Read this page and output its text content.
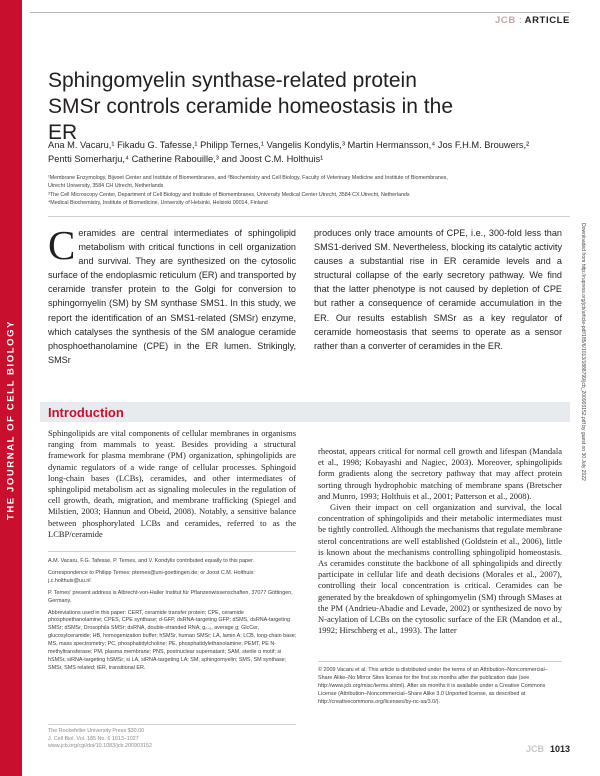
THE JOURNAL OF CELL BIOLOGY
JCB : ARTICLE
Sphingomyelin synthase-related protein SMSr controls ceramide homeostasis in the ER
Ana M. Vacaru,¹ Fikadu G. Tafesse,¹ Philipp Ternes,¹ Vangelis Kondylis,³ Martin Hermansson,⁴ Jos F.H.M. Brouwers,²
Pentti Somerharju,⁴ Catherine Rabouille,³ and Joost C.M. Holthuis¹
¹Membrane Enzymology, Bijvoet Center and Institute of Biomembranes, and ²Biochemistry and Cell Biology, Faculty of Veterinary Medicine and Institute of Biomembranes,
Utrecht University, 3584 CH Utrecht, Netherlands
³The Cell Microscopy Center, Department of Cell Biology and Institute of Biomembranes, University Medical Center Utrecht, 3584 CX Utrecht, Netherlands
⁴Medical Biochemistry, Institute of Biomedicine, University of Helsinki, Helsinki 00014, Finland
Downloaded from http://rupress.org/jcb/article-pdf/185/6/1013/1888799/jcb_200903152.pdf by guest on 30 July 2022
Ceramides are central intermediates of sphingolipid metabolism with critical functions in cell organization and survival. They are synthesized on the cytosolic surface of the endoplasmic reticulum (ER) and transported by ceramide transfer protein to the Golgi for conversion to sphingomyelin (SM) by SM synthase SMS1. In this study, we report the identification of an SMS1-related (SMSr) enzyme, which catalyses the synthesis of the SM analogue ceramide phosphoethanolamine (CPE) in the ER lumen. Strikingly, SMSr
produces only trace amounts of CPE, i.e., 300-fold less than SMS1-derived SM. Nevertheless, blocking its catalytic activity causes a substantial rise in ER ceramide levels and a structural collapse of the early secretory pathway. We find that the latter phenotype is not caused by depletion of CPE but rather a consequence of ceramide accumulation in the ER. Our results establish SMSr as a key regulator of ceramide homeostasis that seems to operate as a sensor rather than a converter of ceramides in the ER.
Introduction

Sphingolipids are vital components of cellular membranes in organisms ranging from mammals to yeast. Besides providing a structural framework for plasma membrane (PM) organization, sphingolipids are dynamic regulators of a wide range of cellular processes. Sphingoid long-chain bases (LCBs), ceramides, and other intermediates of sphingolipid metabolism act as signaling molecules in the regulation of cell growth, death, migration, and membrane trafficking (Spiegel and Milstien, 2003; Hannun and Obeid, 2008). Notably, a sensitive balance between phosphorylated LCBs and ceramides, referred to as the LCBP/ceramide

rheostat, appears critical for normal cell growth and lifespan (Mandala et al., 1998; Kobayashi and Nagiec, 2003). Moreover, sphingolipids form gradients along the secretory pathway that may affect protein sorting through hydrophobic matching of membrane spans (Bretscher and Munro, 1993; Holthuis et al., 2001; Patterson et al., 2008).

Given their impact on cell organization and survival, the local concentration of sphingolipids and their metabolic intermediates must be tightly controlled. Although the mechanisms that regulate membrane sterol concentrations are well established (Goldstein et al., 2006), little is known about the mechanisms controlling sphingolipid homeostasis. As ceramides constitute the backbone of all sphingolipids and directly participate in cellular life and death decisions (Morales et al., 2007), controlling their local concentration is critical. Ceramides can be generated by the breakdown of sphingomyelin (SM) through SMases at the PM (Andrieu-Abadie and Levade, 2002) or synthesized de novo by N-acylation of LCBs on the cytosolic surface of the ER (Mandon et al., 1992; Hirschberg et al., 1993). The latter

A.M. Vacaru, F.G. Tafesse, P. Ternes, and V. Kondylis contributed equally to this paper.

Correspondence to Philipp Ternes: pternes@uni-goettingen.de; or Joost C.M. Holthuis: j.c.holthuis@uu.nl

P. Ternes' present address is Albrecht-von-Haller Institut für Pflanzenwissenschaften, 37077 Göttingen, Germany.

Abbreviations used in this paper: CERT, ceramide transfer protein; CPE, ceramide phosphoethanolamine; CPES, CPE synthase; d-GFP, dsRNA-targeting GFP; dSMS, dsRNA-targeting SMSr; dSMSr, Drosophila SMSr; dsRNA, double-stranded RNA; g₀.₅, average g; GlcCer, glucosylceramide; HB, homogenization buffer; hSMSr, human SMSr; LA, lamin A; LCB, long-chain base; MS, mass spectrometry; PC, phosphatidylcholine; PE, phosphatidylethanolamine; PEMT, PE N-methyltransferase; PM, plasma membrane; PNS, postnuclear supernatant; SAM, sterile α motif; si hSMSr, siRNA-targeting hSMSr; si LA, siRNA-targeting LA; SM, sphingomyelin; SMS, SM synthase; SMSr, SMS related; tER, transitional ER.	© 2009 Vacaru et al. This article is distributed under the terms of an Attribution–Noncommercial–Share Alike–No Mirror Sites license for the first six months after the publication date (see http://www.jcb.org/misc/terms.shtml). After six months it is available under a Creative Commons License (Attribution–Noncommercial–Share Alike 3.0 Unported license, as described at http://creativecommons.org/licenses/by-nc-sa/3.0/).
The Rockefeller University Press $30.00
J. Cell Biol. Vol. 185 No. 6 1013–1027
www.jcb.org/cgi/doi/10.1083/jcb.200903152	JCB 1013
